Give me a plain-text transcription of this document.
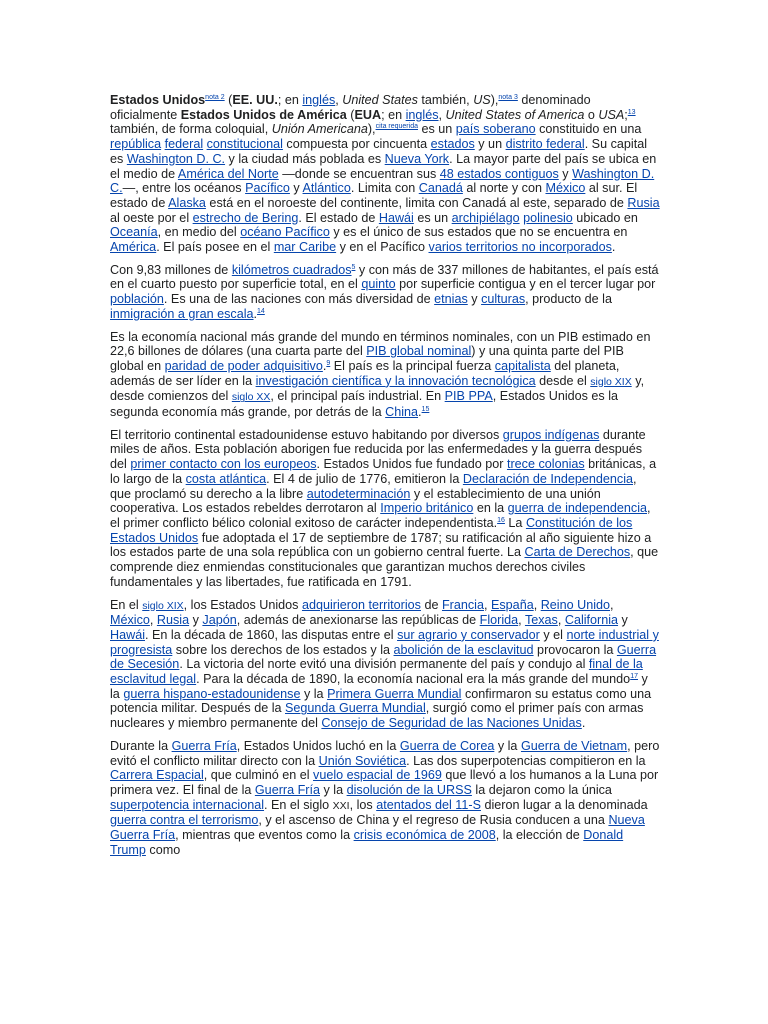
Estados Unidos$^{nota 2}$ (EE. UU.; en inglés, United States también, US),$^{nota 3}$ denominado oficialmente Estados Unidos de América (EUA; en inglés, United States of America o USA;$^{13}$ también, de forma coloquial, Unión Americana),$^{cita requerida}$ es un país soberano constituido en una república federal constitucional compuesta por cincuenta estados y un distrito federal. Su capital es Washington D. C. y la ciudad más poblada es Nueva York. La mayor parte del país se ubica en el medio de América del Norte —donde se encuentran sus 48 estados contiguos y Washington D. C.—, entre los océanos Pacífico y Atlántico. Limita con Canadá al norte y con México al sur. El estado de Alaska está en el noroeste del continente, limita con Canadá al este, separado de Rusia al oeste por el estrecho de Bering. El estado de Hawái es un archipiélago polinesio ubicado en Oceanía, en medio del océano Pacífico y es el único de sus estados que no se encuentra en América. El país posee en el mar Caribe y en el Pacífico varios territorios no incorporados.

Con 9,83 millones de kilómetros cuadrados$^5$ y con más de 337 millones de habitantes, el país está en el cuarto puesto por superficie total, en el quinto por superficie contigua y en el tercer lugar por población. Es una de las naciones con más diversidad de etnias y culturas, producto de la inmigración a gran escala.$^{14}$

Es la economía nacional más grande del mundo en términos nominales, con un PIB estimado en 22,6 billones de dólares (una cuarta parte del PIB global nominal) y una quinta parte del PIB global en paridad de poder adquisitivo.$^9$ El país es la principal fuerza capitalista del planeta, además de ser líder en la investigación científica y la innovación tecnológica desde el siglo XIX y, desde comienzos del siglo XX, el principal país industrial. En PIB PPA, Estados Unidos es la segunda economía más grande, por detrás de la China.$^{15}$

El territorio continental estadounidense estuvo habitando por diversos grupos indígenas durante miles de años. Esta población aborigen fue reducida por las enfermedades y la guerra después del primer contacto con los europeos. Estados Unidos fue fundado por trece colonias británicas, a lo largo de la costa atlántica. El 4 de julio de 1776, emitieron la Declaración de Independencia, que proclamó su derecho a la libre autodeterminación y el establecimiento de una unión cooperativa. Los estados rebeldes derrotaron al Imperio británico en la guerra de independencia, el primer conflicto bélico colonial exitoso de carácter independentista.$^{16}$ La Constitución de los Estados Unidos fue adoptada el 17 de septiembre de 1787; su ratificación al año siguiente hizo a los estados parte de una sola república con un gobierno central fuerte. La Carta de Derechos, que comprende diez enmiendas constitucionales que garantizan muchos derechos civiles fundamentales y las libertades, fue ratificada en 1791.

En el siglo XIX, los Estados Unidos adquirieron territorios de Francia, España, Reino Unido, México, Rusia y Japón, además de anexionarse las repúblicas de Florida, Texas, California y Hawái. En la década de 1860, las disputas entre el sur agrario y conservador y el norte industrial y progresista sobre los derechos de los estados y la abolición de la esclavitud provocaron la Guerra de Secesión. La victoria del norte evitó una división permanente del país y condujo al final de la esclavitud legal. Para la década de 1890, la economía nacional era la más grande del mundo$^{17}$ y la guerra hispano-estadounidense y la Primera Guerra Mundial confirmaron su estatus como una potencia militar. Después de la Segunda Guerra Mundial, surgió como el primer país con armas nucleares y miembro permanente del Consejo de Seguridad de las Naciones Unidas.

Durante la Guerra Fría, Estados Unidos luchó en la Guerra de Corea y la Guerra de Vietnam, pero evitó el conflicto militar directo con la Unión Soviética. Las dos superpotencias compitieron en la Carrera Espacial, que culminó en el vuelo espacial de 1969 que llevó a los humanos a la Luna por primera vez. El final de la Guerra Fría y la disolución de la URSS la dejaron como la única superpotencia internacional. En el siglo XXI, los atentados del 11-S dieron lugar a la denominada guerra contra el terrorismo, y el ascenso de China y el regreso de Rusia conducen a una Nueva Guerra Fría, mientras que eventos como la crisis económica de 2008, la elección de Donald Trump como
